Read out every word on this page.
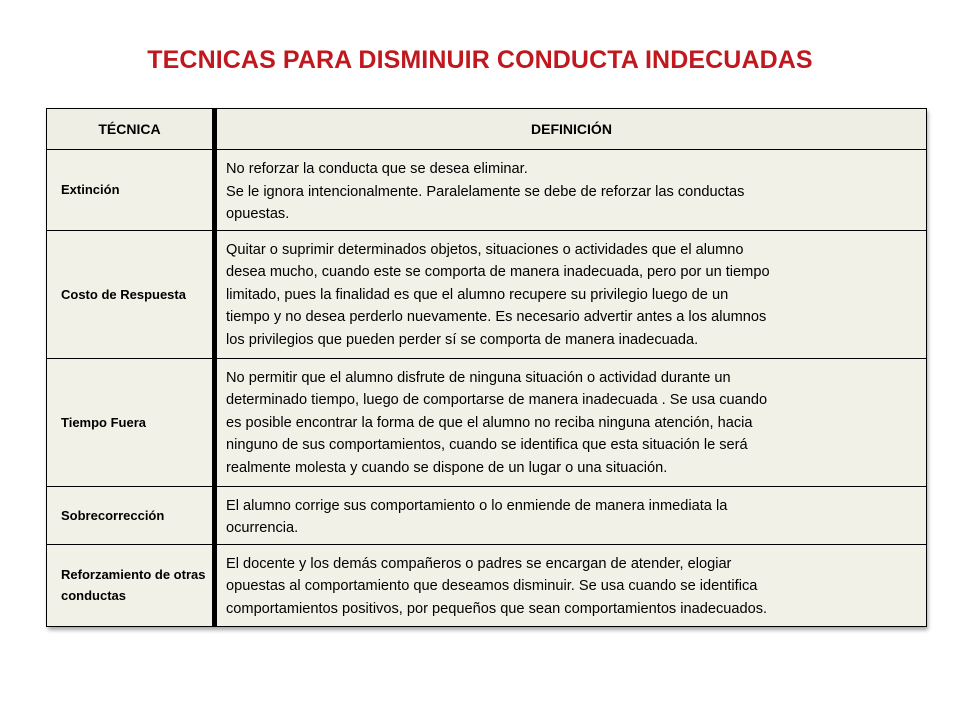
TECNICAS PARA DISMINUIR CONDUCTA INDECUADAS
TÉCNICA	DEFINICIÓN
Extinción	No reforzar la conducta que se desea eliminar.
Se le ignora intencionalmente. Paralelamente se debe de reforzar las conductas
opuestas.

Costo de Respuesta	Quitar o suprimir determinados objetos, situaciones o actividades que el alumno
desea mucho, cuando este se comporta de manera inadecuada, pero por un tiempo
limitado, pues la finalidad es que el alumno recupere su privilegio luego de un
tiempo y no desea perderlo nuevamente. Es necesario advertir antes a los alumnos
los privilegios que pueden perder sí se comporta de manera inadecuada.

Tiempo Fuera	No permitir que el alumno disfrute de ninguna situación o actividad durante un
determinado tiempo, luego de comportarse de manera inadecuada . Se usa cuando
es posible encontrar la forma de que el alumno no reciba ninguna atención, hacia
ninguno de sus comportamientos, cuando se identifica que esta situación le será
realmente molesta y cuando se dispone de un lugar o una situación.

Sobrecorrección	El alumno corrige sus comportamiento o lo enmiende de manera inmediata la
ocurrencia.

Reforzamiento de otras conductas	El docente y los demás compañeros o padres se encargan de atender, elogiar
opuestas al comportamiento que deseamos disminuir. Se usa cuando se identifica
comportamientos positivos, por pequeños que sean comportamientos inadecuados.
